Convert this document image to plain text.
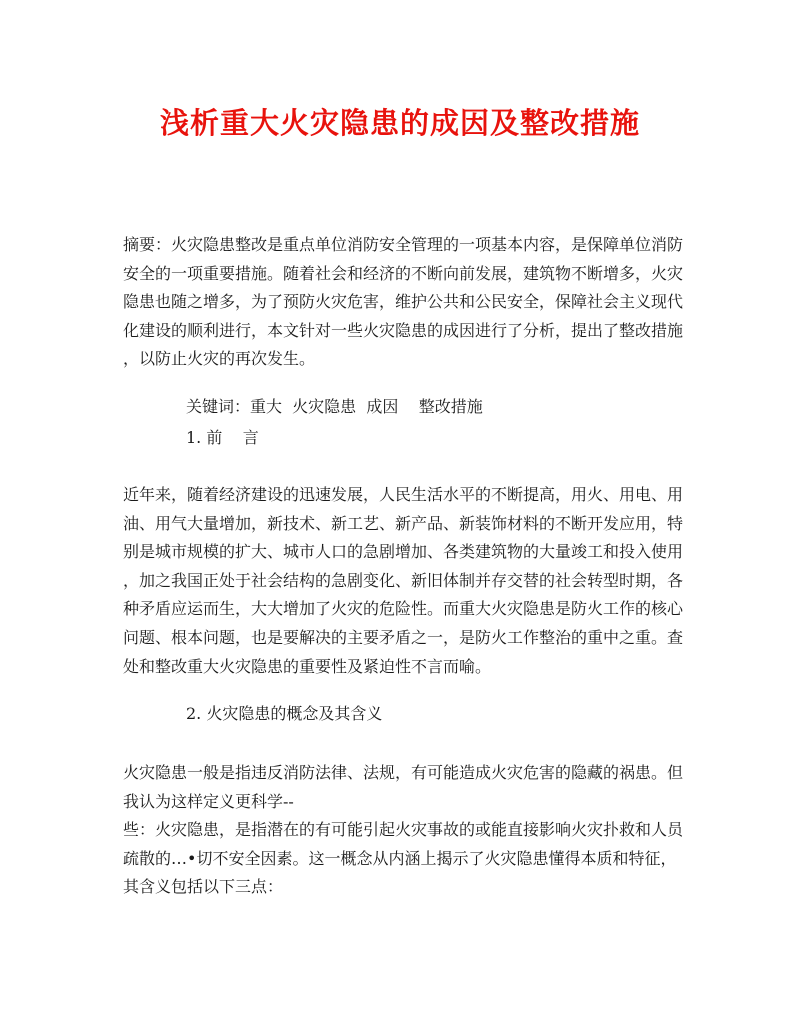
浅析重大火灾隐患的成因及整改措施
摘要：火灾隐患整改是重点单位消防安全管理的一项基本内容，是保障单位消防
安全的一项重要措施。随着社会和经济的不断向前发展，建筑物不断增多，火灾
隐患也随之增多，为了预防火灾危害，维护公共和公民安全，保障社会主义现代
化建设的顺利进行，本文针对一些火灾隐患的成因进行了分析，提出了整改措施
，以防止火灾的再次发生。
关键词：重大  火灾隐患  成因    整改措施
1. 前    言
近年来，随着经济建设的迅速发展，人民生活水平的不断提高，用火、用电、用
油、用气大量增加，新技术、新工艺、新产品、新装饰材料的不断开发应用，特
别是城市规模的扩大、城市人口的急剧增加、各类建筑物的大量竣工和投入使用
，加之我国正处于社会结构的急剧变化、新旧体制并存交替的社会转型时期，各
种矛盾应运而生，大大增加了火灾的危险性。而重大火灾隐患是防火工作的核心
问题、根本问题，也是要解决的主要矛盾之一，是防火工作整治的重中之重。查
处和整改重大火灾隐患的重要性及紧迫性不言而喻。
2. 火灾隐患的概念及其含义
火灾隐患一般是指违反消防法律、法规，有可能造成火灾危害的隐藏的祸患。但
我认为这样定义更科学--
些：火灾隐患，是指潜在的有可能引起火灾事故的或能直接影响火灾扑救和人员
疏散的…•切不安全因素。这一概念从内涵上揭示了火灾隐患懂得本质和特征，
其含义包括以下三点：
